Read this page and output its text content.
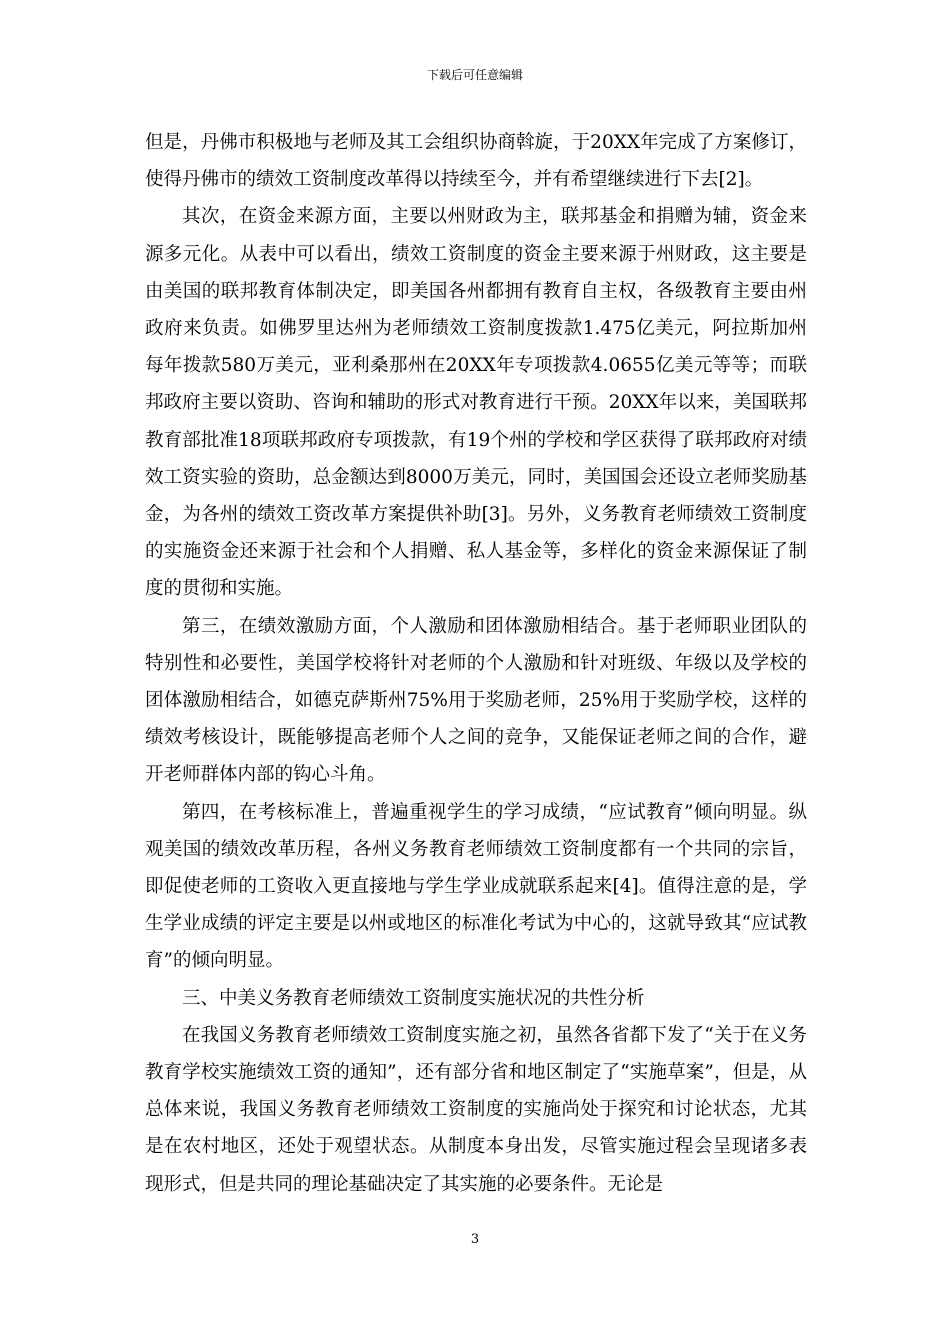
下载后可任意编辑

但是，丹佛市积极地与老师及其工会组织协商斡旋，于20XX年完成了方案修订，使得丹佛市的绩效工资制度改革得以持续至今，并有希望继续进行下去[2]。

其次，在资金来源方面，主要以州财政为主，联邦基金和捐赠为辅，资金来源多元化。从表中可以看出，绩效工资制度的资金主要来源于州财政，这主要是由美国的联邦教育体制决定，即美国各州都拥有教育自主权，各级教育主要由州政府来负责。如佛罗里达州为老师绩效工资制度拨款1.475亿美元，阿拉斯加州每年拨款580万美元，亚利桑那州在20XX年专项拨款4.0655亿美元等等；而联邦政府主要以资助、咨询和辅助的形式对教育进行干预。20XX年以来，美国联邦教育部批准18项联邦政府专项拨款，有19个州的学校和学区获得了联邦政府对绩效工资实验的资助，总金额达到8000万美元，同时，美国国会还设立老师奖励基金，为各州的绩效工资改革方案提供补助[3]。另外，义务教育老师绩效工资制度的实施资金还来源于社会和个人捐赠、私人基金等，多样化的资金来源保证了制度的贯彻和实施。

第三，在绩效激励方面，个人激励和团体激励相结合。基于老师职业团队的特别性和必要性，美国学校将针对老师的个人激励和针对班级、年级以及学校的团体激励相结合，如德克萨斯州75%用于奖励老师，25%用于奖励学校，这样的绩效考核设计，既能够提高老师个人之间的竞争，又能保证老师之间的合作，避开老师群体内部的钩心斗角。

第四，在考核标准上，普遍重视学生的学习成绩，“应试教育”倾向明显。纵观美国的绩效改革历程，各州义务教育老师绩效工资制度都有一个共同的宗旨，即促使老师的工资收入更直接地与学生学业成就联系起来[4]。值得注意的是，学生学业成绩的评定主要是以州或地区的标准化考试为中心的，这就导致其“应试教育”的倾向明显。

三、中美义务教育老师绩效工资制度实施状况的共性分析

在我国义务教育老师绩效工资制度实施之初，虽然各省都下发了“关于在义务教育学校实施绩效工资的通知”，还有部分省和地区制定了“实施草案”，但是，从总体来说，我国义务教育老师绩效工资制度的实施尚处于探究和讨论状态，尤其是在农村地区，还处于观望状态。从制度本身出发，尽管实施过程会呈现诸多表现形式，但是共同的理论基础决定了其实施的必要条件。无论是

3
